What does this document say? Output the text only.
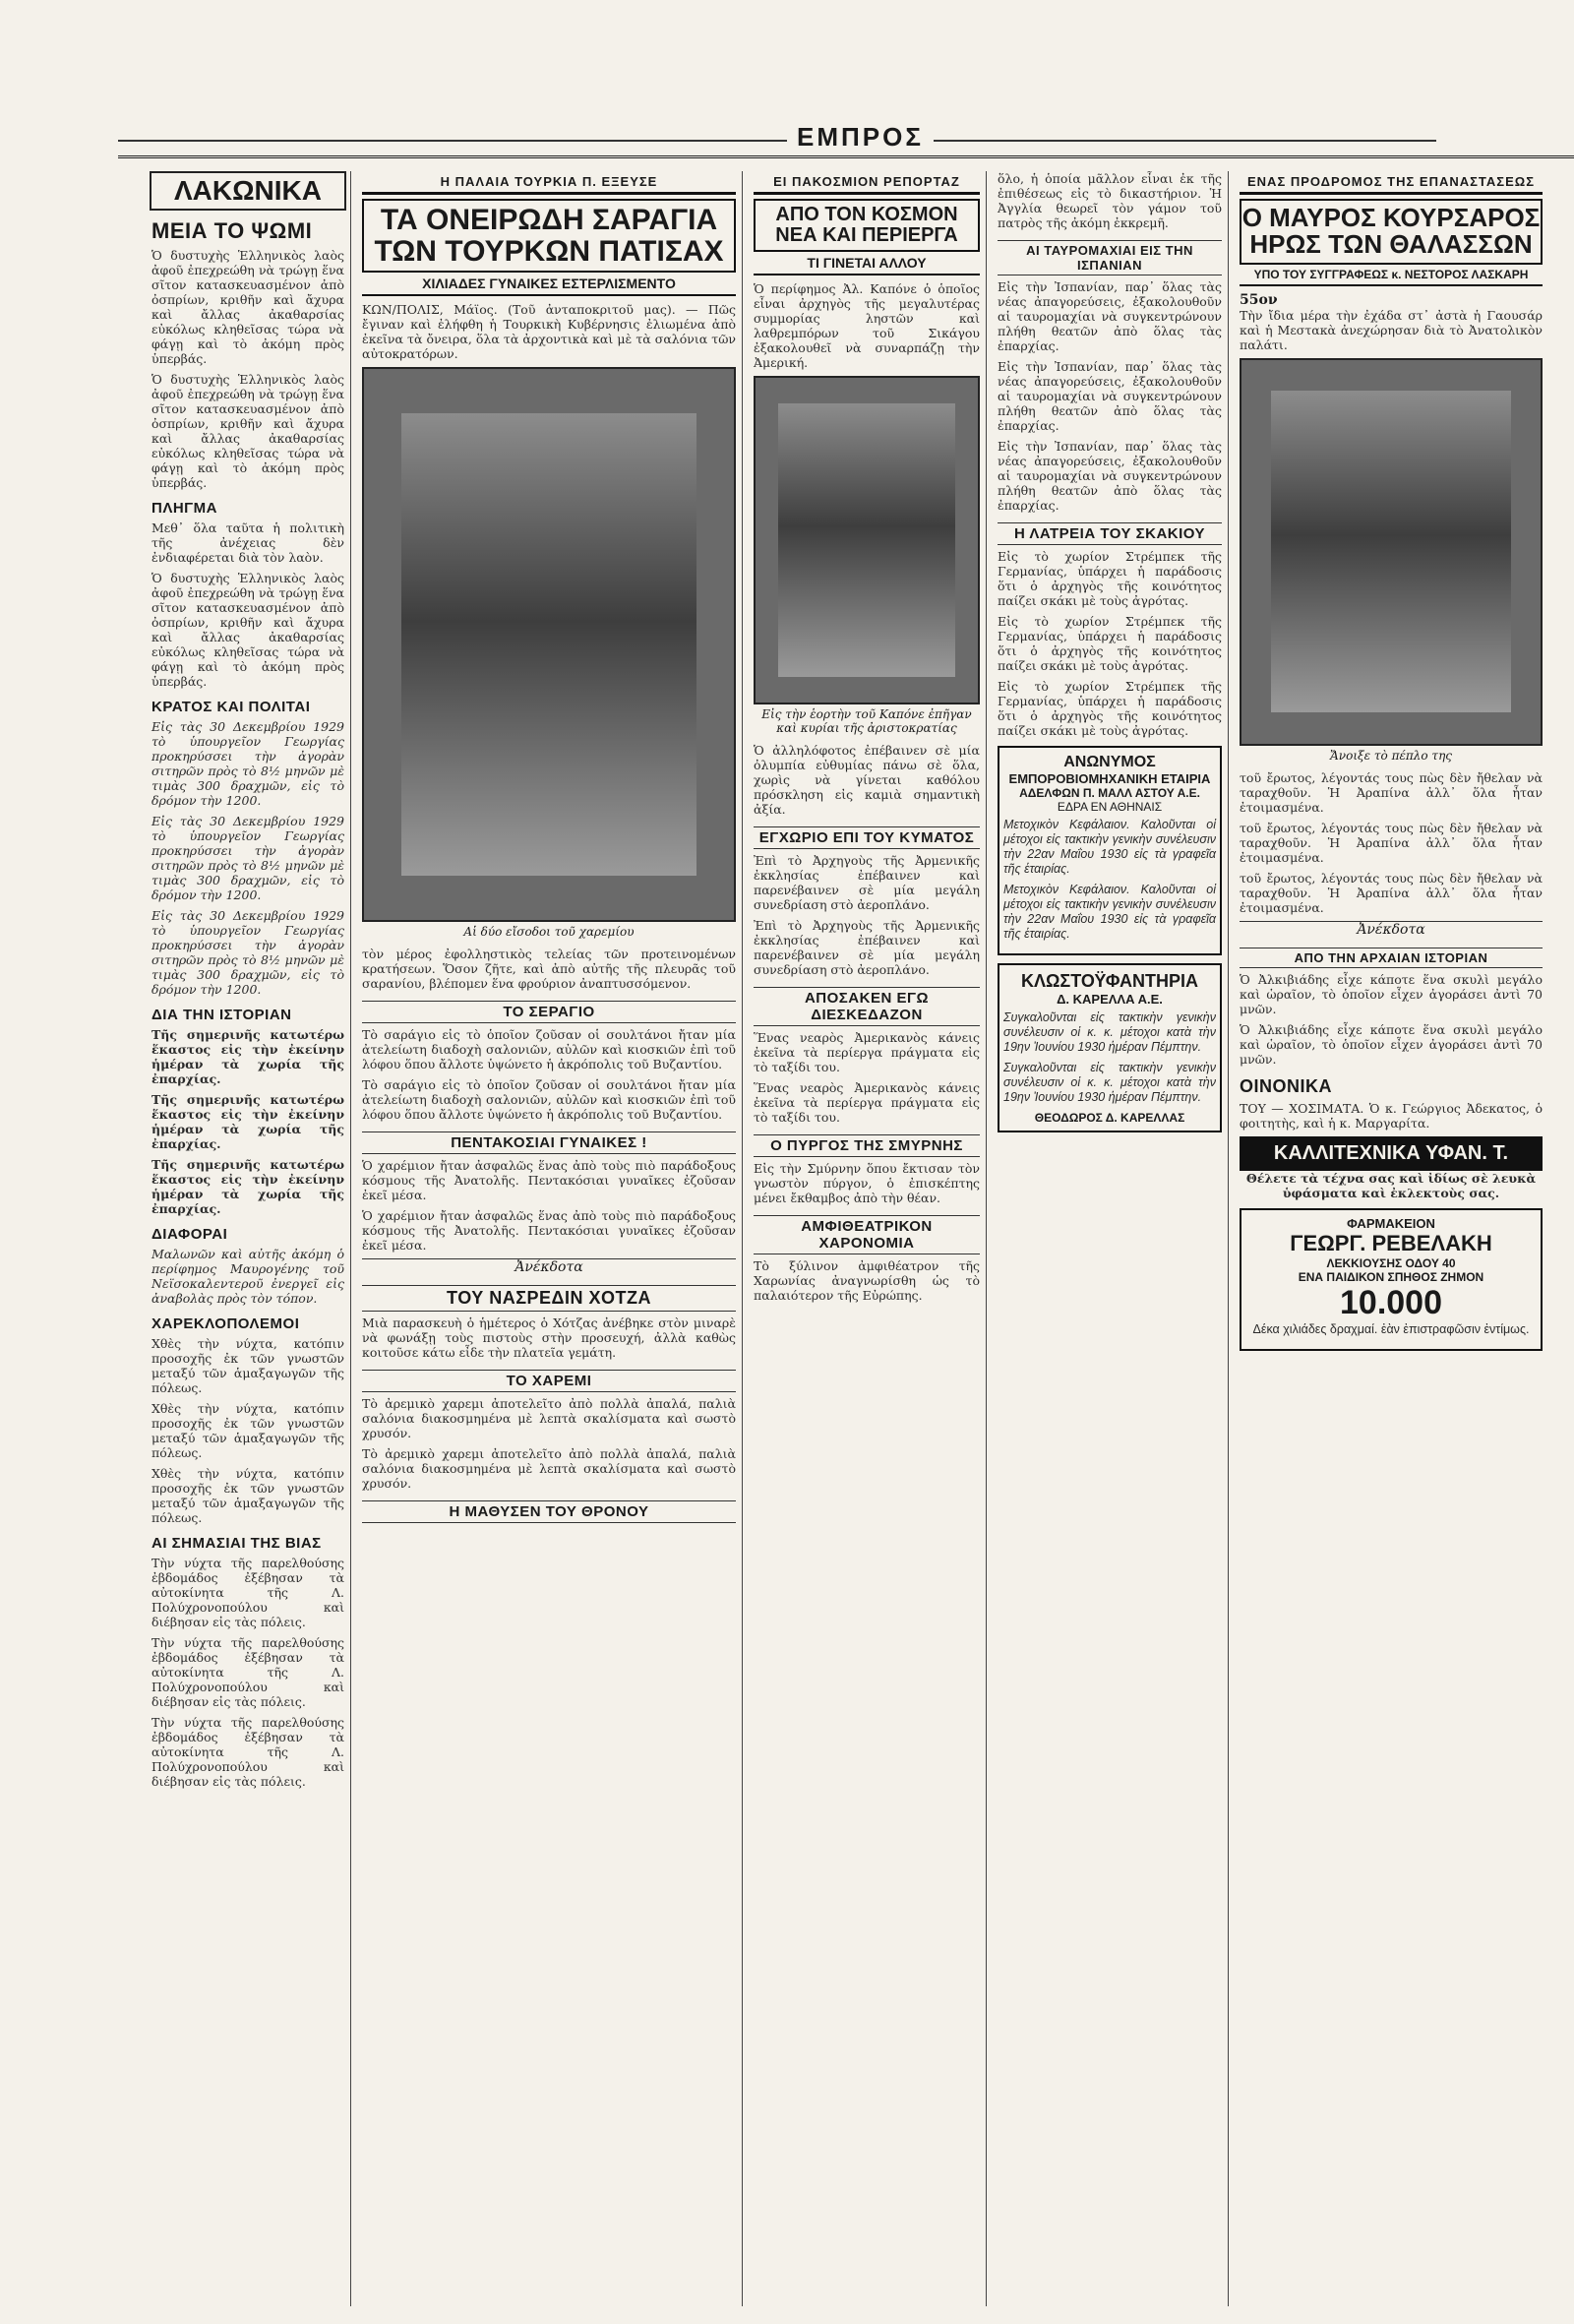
ΕΜΠΡΟΣ
ΛΑΚΩΝΙΚΑ
ΜΕΙΑ ΤΟ ΨΩΜΙ

Ὁ δυστυχὴς Ἑλληνικὸς λαὸς ἀφοῦ ἐπεχρεώθη νὰ τρώγῃ ἕνα σῖτον κατασκευασμένον ἀπὸ ὀσπρίων, κριθῆν καὶ ἄχυρα καὶ ἄλλας ἀκαθαρσίας εὐκόλως κληθεῖσας τώρα νὰ φάγῃ καὶ τὸ ἀκόμη πρὸς ὑπερβάς.

Ὁ δυστυχὴς Ἑλληνικὸς λαὸς ἀφοῦ ἐπεχρεώθη νὰ τρώγῃ ἕνα σῖτον κατασκευασμένον ἀπὸ ὀσπρίων, κριθῆν καὶ ἄχυρα καὶ ἄλλας ἀκαθαρσίας εὐκόλως κληθεῖσας τώρα νὰ φάγῃ καὶ τὸ ἀκόμη πρὸς ὑπερβάς.

ΠΛΗΓΜΑ

Μεθ᾽ ὅλα ταῦτα ἡ πολιτικὴ τῆς ἀνέχειας δὲν ἐνδιαφέρεται διὰ τὸν λαὸν.

Ὁ δυστυχὴς Ἑλληνικὸς λαὸς ἀφοῦ ἐπεχρεώθη νὰ τρώγῃ ἕνα σῖτον κατασκευασμένον ἀπὸ ὀσπρίων, κριθῆν καὶ ἄχυρα καὶ ἄλλας ἀκαθαρσίας εὐκόλως κληθεῖσας τώρα νὰ φάγῃ καὶ τὸ ἀκόμη πρὸς ὑπερβάς.

ΚΡΑΤΟΣ ΚΑΙ ΠΟΛΙΤΑΙ

Εἰς τὰς 30 Δεκεμβρίου 1929 τὸ ὑπουργεῖον Γεωργίας προκηρύσσει τὴν ἀγορὰν σιτηρῶν πρὸς τὸ 8½ μηνῶν μὲ τιμὰς 300 δραχμῶν, εἰς τὸ δρόμον τὴν 1200.

Εἰς τὰς 30 Δεκεμβρίου 1929 τὸ ὑπουργεῖον Γεωργίας προκηρύσσει τὴν ἀγορὰν σιτηρῶν πρὸς τὸ 8½ μηνῶν μὲ τιμὰς 300 δραχμῶν, εἰς τὸ δρόμον τὴν 1200.

Εἰς τὰς 30 Δεκεμβρίου 1929 τὸ ὑπουργεῖον Γεωργίας προκηρύσσει τὴν ἀγορὰν σιτηρῶν πρὸς τὸ 8½ μηνῶν μὲ τιμὰς 300 δραχμῶν, εἰς τὸ δρόμον τὴν 1200.

ΔΙΑ ΤΗΝ ΙΣΤΟΡΙΑΝ

Τῆς σημερινῆς κατωτέρω ἕκαστος εἰς τὴν ἐκείνην ἡμέραν τὰ χωρία τῆς ἐπαρχίας.

Τῆς σημερινῆς κατωτέρω ἕκαστος εἰς τὴν ἐκείνην ἡμέραν τὰ χωρία τῆς ἐπαρχίας.

Τῆς σημερινῆς κατωτέρω ἕκαστος εἰς τὴν ἐκείνην ἡμέραν τὰ χωρία τῆς ἐπαρχίας.

ΔΙΑΦΟΡΑΙ

Μαλωνῶν καὶ αὐτῆς ἀκόμη ὁ περίφημος Μαυρογένης τοῦ Νεϊσοκαλεντεροῦ ἐνεργεῖ εἰς ἀναβολὰς πρὸς τὸν τόπον.

ΧΑΡΕΚΛΟΠΟΛΕΜΟΙ

Χθὲς τὴν νύχτα, κατόπιν προσοχῆς ἐκ τῶν γνωστῶν μεταξύ τῶν ἁμαξαγωγῶν τῆς πόλεως.

Χθὲς τὴν νύχτα, κατόπιν προσοχῆς ἐκ τῶν γνωστῶν μεταξύ τῶν ἁμαξαγωγῶν τῆς πόλεως.

Χθὲς τὴν νύχτα, κατόπιν προσοχῆς ἐκ τῶν γνωστῶν μεταξύ τῶν ἁμαξαγωγῶν τῆς πόλεως.

ΑΙ ΣΗΜΑΣΙΑΙ ΤΗΣ ΒΙΑΣ

Τὴν νύχτα τῆς παρελθούσης ἐβδομάδος ἐξέβησαν τὰ αὐτοκίνητα τῆς Λ. Πολύχρονοπούλου καὶ διέβησαν εἰς τὰς πόλεις.

Τὴν νύχτα τῆς παρελθούσης ἐβδομάδος ἐξέβησαν τὰ αὐτοκίνητα τῆς Λ. Πολύχρονοπούλου καὶ διέβησαν εἰς τὰς πόλεις.

Τὴν νύχτα τῆς παρελθούσης ἐβδομάδος ἐξέβησαν τὰ αὐτοκίνητα τῆς Λ. Πολύχρονοπούλου καὶ διέβησαν εἰς τὰς πόλεις.

Η ΠΑΛΑΙΑ ΤΟΥΡΚΙΑ Π. ΕΞΕΥΣΕ
ΤΑ ΟΝΕΙΡΩΔΗ ΣΑΡΑΓΙΑ
ΤΩΝ ΤΟΥΡΚΩΝ ΠΑΤΙΣΑΧ
ΧΙΛΙΑΔΕΣ ΓΥΝΑΙΚΕΣ ΕΣΤΕΡΛΙΣΜΕΝΤΟ

ΚΩΝ/ΠΟΛΙΣ, Μάϊος. (Τοῦ ἀνταποκριτοῦ μας). — Πῶς ἔγιναν καὶ ἐλήφθη ἡ Τουρκικὴ Κυβέρνησις ἐλιωμένα ἀπὸ ἐκεῖνα τὰ ὄνειρα, ὅλα τὰ ἀρχοντικὰ καὶ μὲ τὰ σαλόνια τῶν αὐτοκρατόρων.

Αἱ δύο εἴσοδοι τοῦ χαρεμίου

τὸν μέρος ἐφολληστικὸς τελείας τῶν προτεινομένων κρατήσεων. Ὅσον ζῆτε, καὶ ἀπὸ αὐτῆς τῆς πλευρᾶς τοῦ σαρανίου, βλέπομεν ἕνα φρούριον ἀναπτυσσόμενον.

ΤΟ ΣΕΡΑΓΙΟ

Τὸ σαράγιο εἰς τὸ ὁποῖον ζοῦσαν οἱ σουλτάνοι ἤταν μία ἀτελείωτη διαδοχὴ σαλονιῶν, αὐλῶν καὶ κιοσκιῶν ἐπὶ τοῦ λόφου ὅπου ἄλλοτε ὑψώνετο ἡ ἀκρόπολις τοῦ Βυζαντίου.

Τὸ σαράγιο εἰς τὸ ὁποῖον ζοῦσαν οἱ σουλτάνοι ἤταν μία ἀτελείωτη διαδοχὴ σαλονιῶν, αὐλῶν καὶ κιοσκιῶν ἐπὶ τοῦ λόφου ὅπου ἄλλοτε ὑψώνετο ἡ ἀκρόπολις τοῦ Βυζαντίου.

ΠΕΝΤΑΚΟΣΙΑΙ ΓΥΝΑΙΚΕΣ !

Ὁ χαρέμιον ἤταν ἀσφαλῶς ἕνας ἀπὸ τοὺς πιὸ παράδοξους κόσμους τῆς Ἀνατολῆς. Πεντακόσιαι γυναῖκες ἐζοῦσαν ἐκεῖ μέσα.

Ὁ χαρέμιον ἤταν ἀσφαλῶς ἕνας ἀπὸ τοὺς πιὸ παράδοξους κόσμους τῆς Ἀνατολῆς. Πεντακόσιαι γυναῖκες ἐζοῦσαν ἐκεῖ μέσα.

Ἀνέκδοτα
ΤΟΥ ΝΑΣΡΕΔΙΝ ΧΟΤΖΑ

Μιὰ παρασκευὴ ὁ ἡμέτερος ὁ Χότζας ἀνέβηκε στὸν μιναρὲ νὰ φωνάξῃ τοὺς πιστοὺς στὴν προσευχή, ἀλλὰ καθὼς κοιτοῦσε κάτω εἶδε τὴν πλατεῖα γεμάτη.

ΤΟ ΧΑΡΕΜΙ

Τὸ ἀρεμικὸ χαρεμι ἀποτελεῖτο ἀπὸ πολλὰ ἀπαλά, παλιὰ σαλόνια διακοσμημένα μὲ λεπτὰ σκαλίσματα καὶ σωστὸ χρυσόν.

Τὸ ἀρεμικὸ χαρεμι ἀποτελεῖτο ἀπὸ πολλὰ ἀπαλά, παλιὰ σαλόνια διακοσμημένα μὲ λεπτὰ σκαλίσματα καὶ σωστὸ χρυσόν.

Η ΜΑΘΥΣΕΝ ΤΟΥ ΘΡΟΝΟΥ
ΕΙ ΠΑΚΟΣΜΙΟΝ ΡΕΠΟΡΤΑΖ
ΑΠΟ ΤΟΝ ΚΟΣΜΟΝ
ΝΕΑ ΚΑΙ ΠΕΡΙΕΡΓΑ
ΤΙ ΓΙΝΕΤΑΙ ΑΛΛΟΥ

Ὁ περίφημος Ἀλ. Καπόνε ὁ ὁποῖος εἶναι ἀρχηγὸς τῆς μεγαλυτέρας συμμορίας ληστῶν καὶ λαθρεμπόρων τοῦ Σικάγου ἐξακολουθεῖ νὰ συναρπάζῃ τὴν Ἀμερική.

Εἰς τὴν ἑορτὴν τοῦ Καπόνε ἐπῆγαν καὶ κυρίαι τῆς ἀριστοκρατίας

Ὁ ἀλληλόφοτος ἐπέβαινεν σὲ μία ὀλυμπία εὐθυμίας πάνω σὲ ὅλα, χωρὶς νὰ γίνεται καθόλου πρόσκληση εἰς καμιὰ σημαντικὴ ἀξία.

ΕΓΧΩΡΙΟ ΕΠΙ ΤΟΥ ΚΥΜΑΤΟΣ

Ἐπὶ τὸ Ἀρχηγοὺς τῆς Ἀρμενικῆς ἐκκλησίας ἐπέβαινεν καὶ παρενέβαινεν σὲ μία μεγάλη συνεδρίαση στὸ ἀεροπλάνο.

Ἐπὶ τὸ Ἀρχηγοὺς τῆς Ἀρμενικῆς ἐκκλησίας ἐπέβαινεν καὶ παρενέβαινεν σὲ μία μεγάλη συνεδρίαση στὸ ἀεροπλάνο.

ΑΠΟΣΑΚΕΝ ΕΓΩ ΔΙΕΣΚΕΔΑΖΟΝ

Ἕνας νεαρὸς Ἀμερικανὸς κάνεις ἐκεῖνα τὰ περίεργα πράγματα εἰς τὸ ταξίδι του.

Ἕνας νεαρὸς Ἀμερικανὸς κάνεις ἐκεῖνα τὰ περίεργα πράγματα εἰς τὸ ταξίδι του.

Ο ΠΥΡΓΟΣ ΤΗΣ ΣΜΥΡΝΗΣ

Εἰς τὴν Σμύρνην ὅπου ἔκτισαν τὸν γνωστὸν πύργον, ὁ ἐπισκέπτης μένει ἔκθαμβος ἀπὸ τὴν θέαν.

ΑΜΦΙΘΕΑΤΡΙΚΟΝ ΧΑΡΟΝΟΜΙΑ

Τὸ ξύλινον ἀμφιθέατρον τῆς Χαρωνίας ἀναγνωρίσθη ὡς τὸ παλαιότερον τῆς Εὐρώπης.

ὅλο, ἡ ὁποία μᾶλλον εἶναι ἐκ τῆς ἐπιθέσεως εἰς τὸ δικαστήριον. Ἡ Ἀγγλία θεωρεῖ τὸν γάμον τοῦ πατρὸς τῆς ἀκόμη ἐκκρεμῆ.

ΑΙ ΤΑΥΡΟΜΑΧΙΑΙ ΕΙΣ ΤΗΝ ΙΣΠΑΝΙΑΝ

Εἰς τὴν Ἰσπανίαν, παρ᾽ ὅλας τὰς νέας ἀπαγορεύσεις, ἐξακολουθοῦν αἱ ταυρομαχίαι νὰ συγκεντρώνουν πλήθη θεατῶν ἀπὸ ὅλας τὰς ἐπαρχίας.

Εἰς τὴν Ἰσπανίαν, παρ᾽ ὅλας τὰς νέας ἀπαγορεύσεις, ἐξακολουθοῦν αἱ ταυρομαχίαι νὰ συγκεντρώνουν πλήθη θεατῶν ἀπὸ ὅλας τὰς ἐπαρχίας.

Εἰς τὴν Ἰσπανίαν, παρ᾽ ὅλας τὰς νέας ἀπαγορεύσεις, ἐξακολουθοῦν αἱ ταυρομαχίαι νὰ συγκεντρώνουν πλήθη θεατῶν ἀπὸ ὅλας τὰς ἐπαρχίας.

Η ΛΑΤΡΕΙΑ ΤΟΥ ΣΚΑΚΙΟΥ

Εἰς τὸ χωρίον Στρέμπεκ τῆς Γερμανίας, ὑπάρχει ἡ παράδοσις ὅτι ὁ ἀρχηγὸς τῆς κοινότητος παίζει σκάκι μὲ τοὺς ἀγρότας.

Εἰς τὸ χωρίον Στρέμπεκ τῆς Γερμανίας, ὑπάρχει ἡ παράδοσις ὅτι ὁ ἀρχηγὸς τῆς κοινότητος παίζει σκάκι μὲ τοὺς ἀγρότας.

Εἰς τὸ χωρίον Στρέμπεκ τῆς Γερμανίας, ὑπάρχει ἡ παράδοσις ὅτι ὁ ἀρχηγὸς τῆς κοινότητος παίζει σκάκι μὲ τοὺς ἀγρότας.

ΑΝΩΝΥΜΟΣ
ΕΜΠΟΡΟΒΙΟΜΗΧΑΝΙΚΗ ΕΤΑΙΡΙΑ
ΑΔΕΛΦΩΝ Π. ΜΑΛΛ ΑΣΤΟΥ Α.Ε.
ΕΔΡΑ ΕΝ ΑΘΗΝΑΙΣ

Μετοχικὸν Κεφάλαιον. Καλοῦνται οἱ μέτοχοι εἰς τακτικὴν γενικὴν συνέλευσιν τὴν 22αν Μαΐου 1930 εἰς τὰ γραφεῖα τῆς ἑταιρίας.

Μετοχικὸν Κεφάλαιον. Καλοῦνται οἱ μέτοχοι εἰς τακτικὴν γενικὴν συνέλευσιν τὴν 22αν Μαΐου 1930 εἰς τὰ γραφεῖα τῆς ἑταιρίας.

ΚΛΩΣΤΟΫΦΑΝΤΗΡΙΑ
Δ. ΚΑΡΕΛΛΑ Α.Ε.

Συγκαλοῦνται εἰς τακτικὴν γενικὴν συνέλευσιν οἱ κ. κ. μέτοχοι κατὰ τὴν 19ην Ἰουνίου 1930 ἡμέραν Πέμπτην.

Συγκαλοῦνται εἰς τακτικὴν γενικὴν συνέλευσιν οἱ κ. κ. μέτοχοι κατὰ τὴν 19ην Ἰουνίου 1930 ἡμέραν Πέμπτην.

ΘΕΟΔΩΡΟΣ Δ. ΚΑΡΕΛΛΑΣ
ΕΝΑΣ ΠΡΟΔΡΟΜΟΣ ΤΗΣ ΕΠΑΝΑΣΤΑΣΕΩΣ
Ο ΜΑΥΡΟΣ ΚΟΥΡΣΑΡΟΣ
ΗΡΩΣ ΤΩΝ ΘΑΛΑΣΣΩΝ
ΥΠΟ ΤΟΥ ΣΥΓΓΡΑΦΕΩΣ κ. ΝΕΣΤΟΡΟΣ ΛΑΣΚΑΡΗ
55ον

Τὴν ἴδια μέρα τὴν ἐχάδα στ᾽ ἀστὰ ἡ Γαουσάρ καὶ ἡ Μεστακὰ ἀνεχώρησαν διὰ τὸ Ἀνατολικὸν παλάτι.

Ἄνοιξε τὸ πέπλο της

τοῦ ἔρωτος, λέγοντάς τους πὼς δὲν ἤθελαν νὰ ταραχθοῦν. Ἡ Ἀραπίνα ἀλλ᾽ ὅλα ἦταν ἐτοιμασμένα.

τοῦ ἔρωτος, λέγοντάς τους πὼς δὲν ἤθελαν νὰ ταραχθοῦν. Ἡ Ἀραπίνα ἀλλ᾽ ὅλα ἦταν ἐτοιμασμένα.

τοῦ ἔρωτος, λέγοντάς τους πὼς δὲν ἤθελαν νὰ ταραχθοῦν. Ἡ Ἀραπίνα ἀλλ᾽ ὅλα ἦταν ἐτοιμασμένα.

Ἀνέκδοτα
ΑΠΟ ΤΗΝ ΑΡΧΑΙΑΝ ΙΣΤΟΡΙΑΝ

Ὁ Ἀλκιβιάδης εἶχε κάποτε ἕνα σκυλὶ μεγάλο καὶ ὡραῖον, τὸ ὁποῖον εἶχεν ἀγοράσει ἀντὶ 70 μνῶν.

Ὁ Ἀλκιβιάδης εἶχε κάποτε ἕνα σκυλὶ μεγάλο καὶ ὡραῖον, τὸ ὁποῖον εἶχεν ἀγοράσει ἀντὶ 70 μνῶν.

ΟΙΝΟΝΙΚΑ

ΤΟΥ — ΧΟΣΙΜΑΤΑ. Ὁ κ. Γεώργιος Ἀδεκατος, ὁ φοιτητὴς, καὶ ἡ κ. Μαργαρίτα.

ΚΑΛΛΙΤΕΧΝΙΚΑ ΥΦΑΝ. Τ.

Θέλετε τὰ τέχνα σας καὶ ἰδίως σὲ λευκὰ ὑφάσματα καὶ ἐκλεκτοὺς σας.

ΦΑΡΜΑΚΕΙΟΝ
ΓΕΩΡΓ. ΡΕΒΕΛΑΚΗ
ΛΕΚΚΙΟΥΣΗΣ ΟΔΟΥ 40
ΕΝΑ ΠΑΙΔΙΚΟΝ ΣΠΗΘΟΣ ΖΗΜΟΝ
10.000

Δέκα χιλιάδες δραχμαί. ἐὰν ἐπιστραφῶσιν ἐντίμως.
